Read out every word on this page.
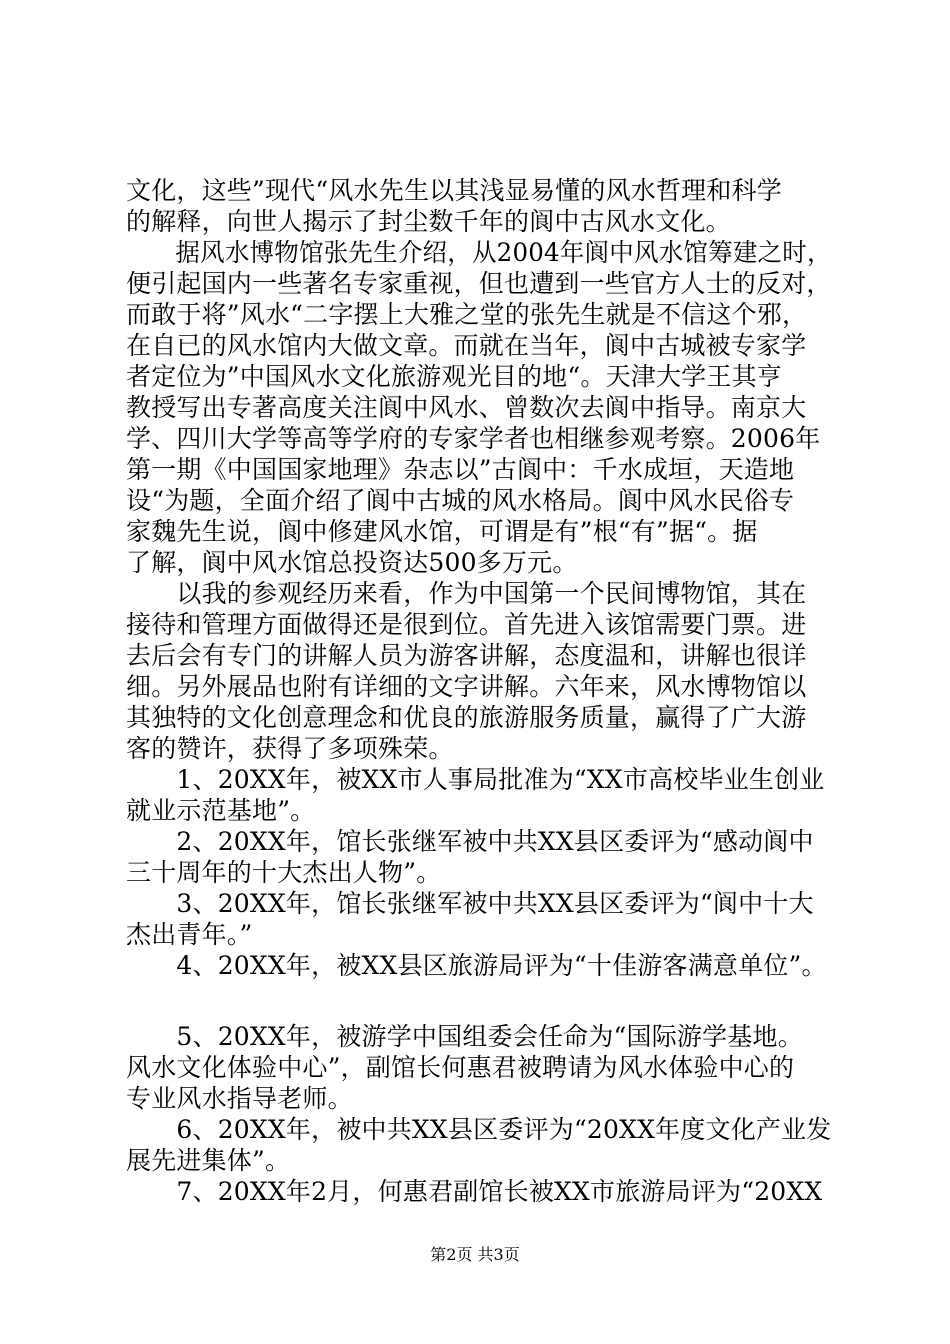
文化，这些”现代“风水先生以其浅显易懂的风水哲理和科学
的解释，向世人揭示了封尘数千年的阆中古风水文化。
　　据风水博物馆张先生介绍，从2004年阆中风水馆筹建之时，
便引起国内一些著名专家重视，但也遭到一些官方人士的反对，
而敢于将”风水“二字摆上大雅之堂的张先生就是不信这个邪，
在自已的风水馆内大做文章。而就在当年，阆中古城被专家学
者定位为”中国风水文化旅游观光目的地“。天津大学王其亨
教授写出专著高度关注阆中风水、曾数次去阆中指导。南京大
学、四川大学等高等学府的专家学者也相继参观考察。2006年
第一期《中国国家地理》杂志以”古阆中：千水成垣，天造地
设“为题，全面介绍了阆中古城的风水格局。阆中风水民俗专
家魏先生说，阆中修建风水馆，可谓是有”根“有”据“。据
了解，阆中风水馆总投资达500多万元。
　　以我的参观经历来看，作为中国第一个民间博物馆，其在
接待和管理方面做得还是很到位。首先进入该馆需要门票。进
去后会有专门的讲解人员为游客讲解，态度温和，讲解也很详
细。另外展品也附有详细的文字讲解。六年来，风水博物馆以
其独特的文化创意理念和优良的旅游服务质量，赢得了广大游
客的赞许，获得了多项殊荣。
　　1、20XX年，被XX市人事局批准为“XX市高校毕业生创业
就业示范基地”。
　　2、20XX年，馆长张继军被中共XX县区委评为“感动阆中
三十周年的十大杰出人物”。
　　3、20XX年，馆长张继军被中共XX县区委评为“阆中十大
杰出青年。”
　　4、20XX年，被XX县区旅游局评为“十佳游客满意单位”。
　　5、20XX年，被游学中国组委会任命为“国际游学基地。
风水文化体验中心”，副馆长何惠君被聘请为风水体验中心的
专业风水指导老师。
　　6、20XX年，被中共XX县区委评为“20XX年度文化产业发
展先进集体”。
　　7、20XX年2月，何惠君副馆长被XX市旅游局评为“20XX
第2页 共3页
